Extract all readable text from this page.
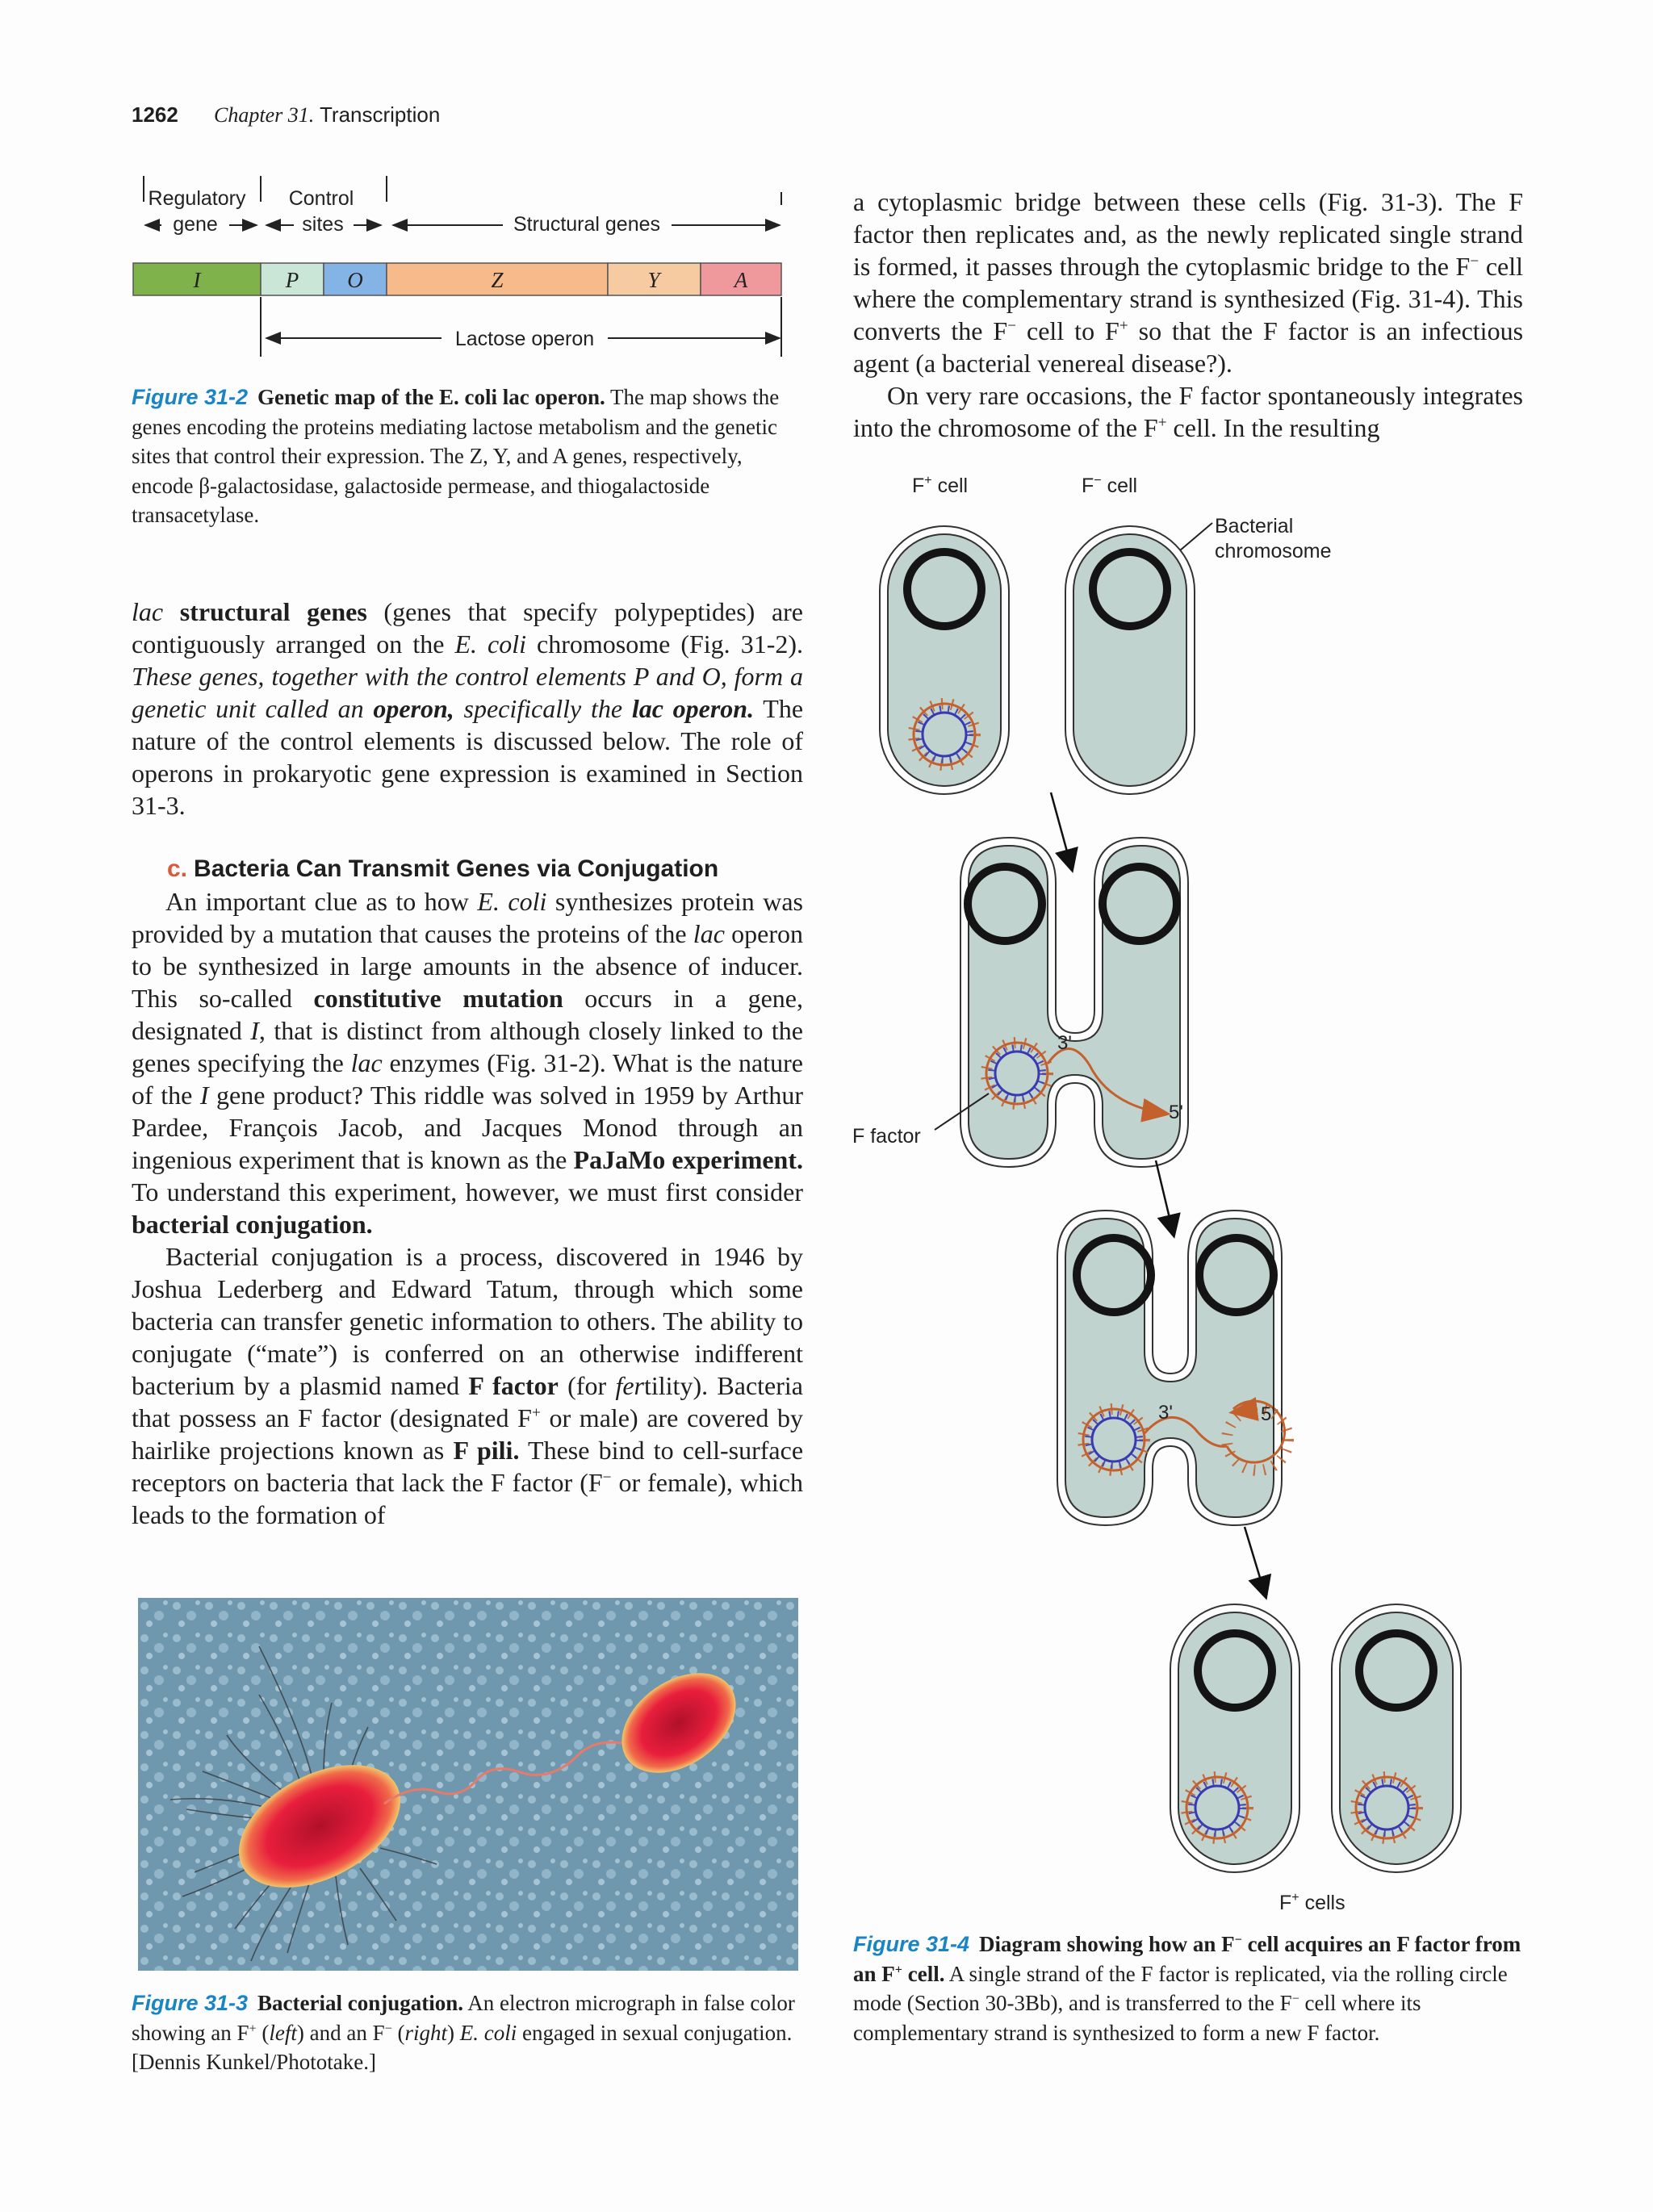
1262 Chapter 31. Transcription
Regulatory
gene
Control
sites	Structural genes
I	P O	Z	Y	A
Lactose operon
Figure 31-2 Genetic map of the E. coli lac operon. The map shows the genes encoding the proteins mediating lactose metabolism and the genetic sites that control their expression. The Z, Y, and A genes, respectively, encode β-galactosidase, galactoside permease, and thiogalactoside transacetylase.

lac structural genes (genes that specify polypeptides) are contiguously arranged on the E. coli chromosome (Fig. 31-2). These genes, together with the control elements P and O, form a genetic unit called an operon, specifically the lac operon. The nature of the control elements is discussed below. The role of operons in prokaryotic gene expression is examined in Section 31-3.

c. Bacteria Can Transmit Genes via Conjugation

An important clue as to how E. coli synthesizes protein was provided by a mutation that causes the proteins of the lac operon to be synthesized in large amounts in the absence of inducer. This so-called constitutive mutation occurs in a gene, designated I, that is distinct from although closely linked to the genes specifying the lac enzymes (Fig. 31-2). What is the nature of the I gene product? This riddle was solved in 1959 by Arthur Pardee, François Jacob, and Jacques Monod through an ingenious experiment that is known as the PaJaMo experiment. To understand this experiment, however, we must first consider bacterial conjugation.

Bacterial conjugation is a process, discovered in 1946 by Joshua Lederberg and Edward Tatum, through which some bacteria can transfer genetic information to others. The ability to conjugate (“mate”) is conferred on an otherwise indifferent bacterium by a plasmid named F factor (for fertility). Bacteria that possess an F factor (designated F+ or male) are covered by hairlike projections known as F pili. These bind to cell-surface receptors on bacteria that lack the F factor (F− or female), which leads to the formation of

Figure 31-3 Bacterial conjugation. An electron micrograph in false color showing an F+ (left) and an F− (right) E. coli engaged in sexual conjugation. [Dennis Kunkel/Phototake.]

a cytoplasmic bridge between these cells (Fig. 31-3). The F factor then replicates and, as the newly replicated single strand is formed, it passes through the cytoplasmic bridge to the F− cell where the complementary strand is synthesized (Fig. 31-4). This converts the F− cell to F+ so that the F factor is an infectious agent (a bacterial venereal disease?).

On very rare occasions, the F factor spontaneously integrates into the chromosome of the F+ cell. In the resulting

F+ cell	F− cell
Bacterial
chromosome
3'
5'
F factor
3'	5'
F+ cells
Figure 31-4 Diagram showing how an F− cell acquires an F factor from an F+ cell. A single strand of the F factor is replicated, via the rolling circle mode (Section 30-3Bb), and is transferred to the F− cell where its complementary strand is synthesized to form a new F factor.
